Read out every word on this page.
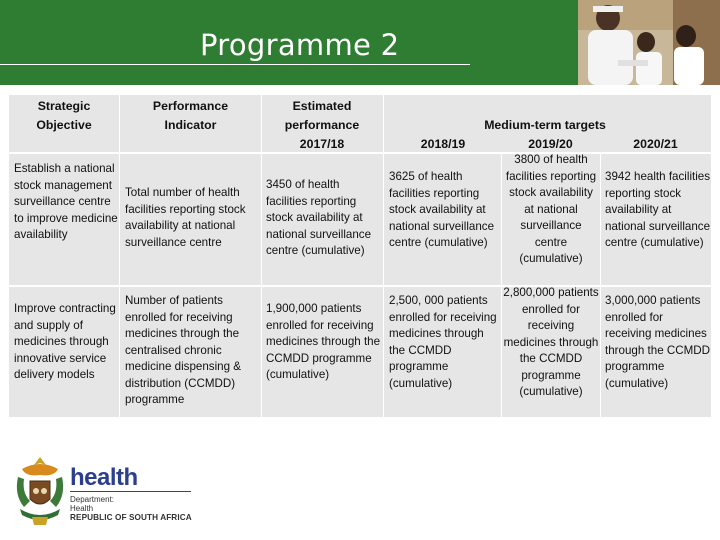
Programme 2
Strategic Objective
Performance Indicator
Estimated performance 2017/18
Medium-term targets
2018/19	2019/20	2020/21
Establish a national stock management surveillance centre to improve medicine availability
Total number of health facilities reporting stock availability at national surveillance centre
3450 of health facilities reporting stock availability at national surveillance centre (cumulative)
3625 of health facilities reporting stock availability at national surveillance centre (cumulative)
3800 of health facilities reporting stock availability at national surveillance centre (cumulative)
3942 health facilities reporting stock availability at national surveillance centre (cumulative)
Improve contracting and supply of medicines through innovative service delivery models
Number of patients enrolled for receiving medicines through the centralised chronic medicine dispensing & distribution (CCMDD) programme
1,900,000 patients enrolled for receiving medicines through the CCMDD programme (cumulative)
2,500, 000 patients enrolled for receiving medicines through the CCMDD programme (cumulative)
2,800,000 patients enrolled for receiving medicines through the CCMDD programme (cumulative)
3,000,000 patients enrolled for receiving medicines through the CCMDD programme (cumulative)
health
Department:
Health
REPUBLIC OF SOUTH AFRICA
